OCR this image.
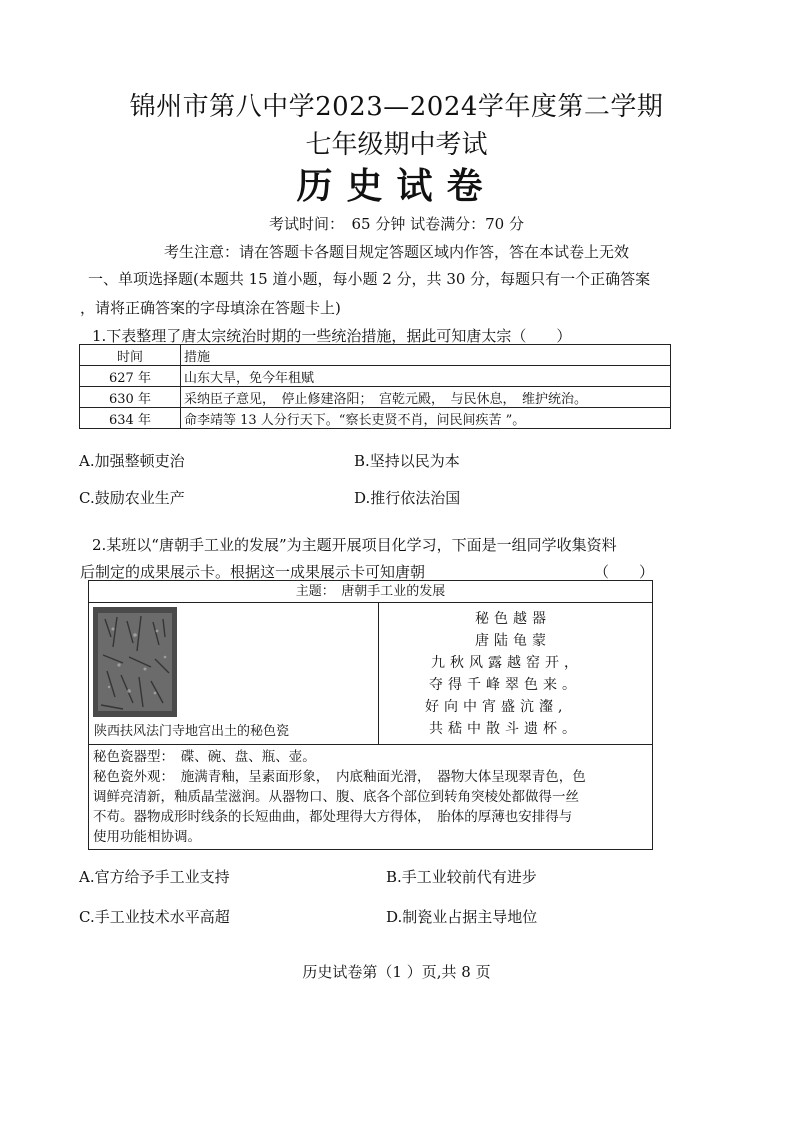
锦州市第八中学2023—2024学年度第二学期
七年级期中考试
历史试卷
考试时间：　65 分钟 试卷满分：70 分
考生注意：请在答题卡各题目规定答题区域内作答，答在本试卷上无效
一、单项选择题(本题共 15 道小题，每小题 2 分，共 30 分，每题只有一个正确答案
，请将正确答案的字母填涂在答题卡上)
1.下表整理了唐太宗统治时期的一些统治措施，据此可知唐太宗（　　）
时间	措施
627 年	山东大旱，免今年租赋
630 年	采纳臣子意见，　停止修建洛阳；　宫乾元殿，　与民休息，　维护统治。
634 年	命李靖等 13 人分行天下。“察长吏贤不肖，问民间疾苦 ”。
A.加强整顿吏治	B.坚持以民为本
C.鼓励农业生产	D.推行依法治国
2.某班以“唐朝手工业的发展”为主题开展项目化学习，下面是一组同学收集资料
后制定的成果展示卡。根据这一成果展示卡可知唐朝	（　　）
主题：　唐朝手工业的发展
陕西扶风法门寺地宫出土的秘色瓷
秘色越器
唐陆龟蒙
九秋风露越窑开，
夺得千峰翠色来。
好向中宵盛沆瀣,
共嵇中散斗遗杯。
秘色瓷器型：　碟、碗、盘、瓶、壶。
秘色瓷外观：　施满青釉，呈素面形象，　内底釉面光滑，　器物大体呈现翠青色，色
调鲜亮清新，釉质晶莹滋润。从器物口、腹、底各个部位到转角突棱处都做得一丝
不苟。器物成形时线条的长短曲曲，都处理得大方得体，　胎体的厚薄也安排得与
使用功能相协调。
A.官方给予手工业支持	B.手工业较前代有进步
C.手工业技术水平高超	D.制瓷业占据主导地位
历史试卷第（1 ）页,共 8 页
